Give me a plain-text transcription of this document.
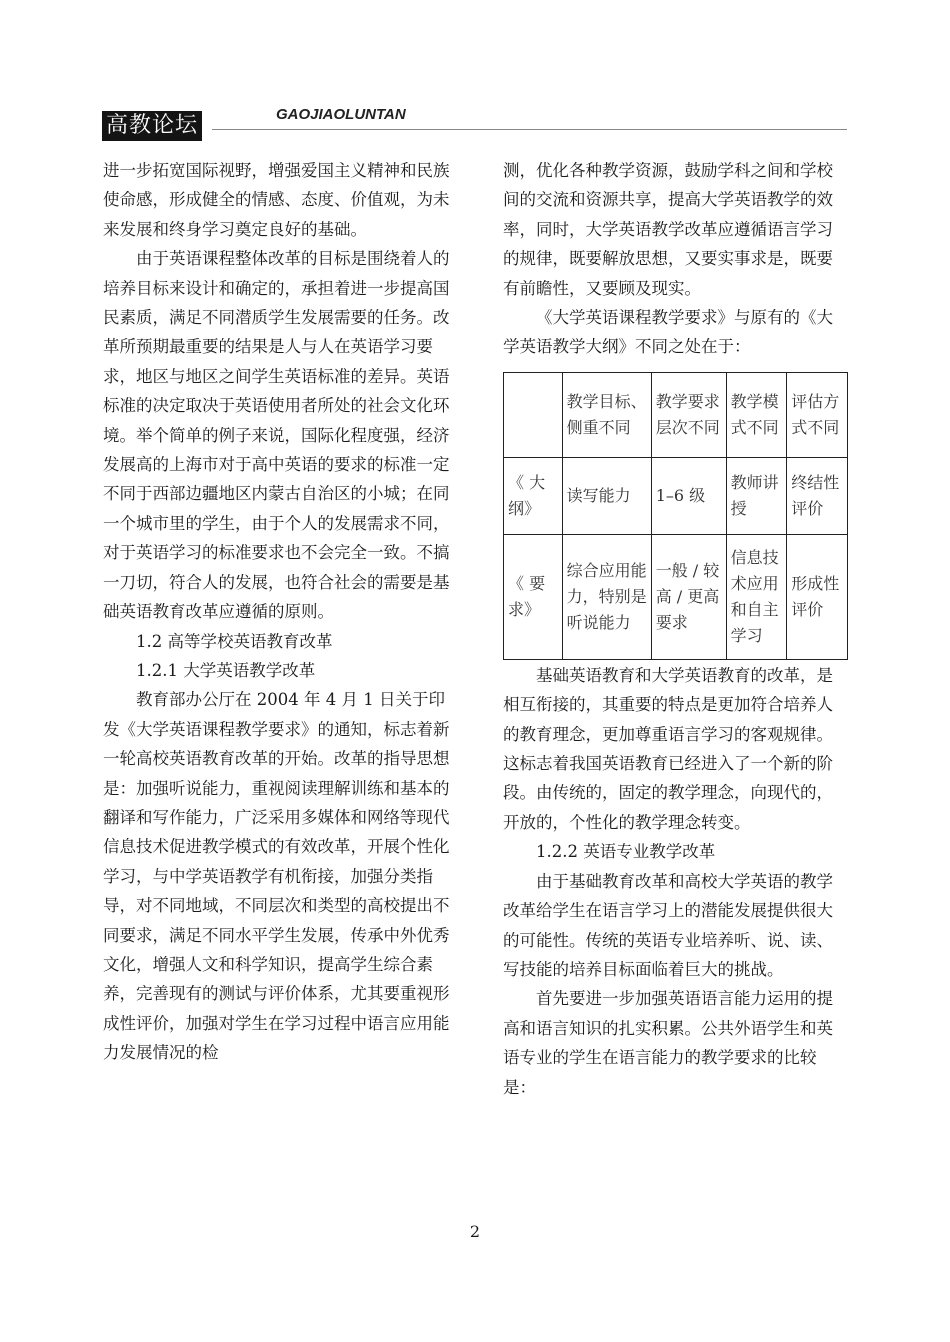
高教论坛	GAOJIAOLUNTAN

进一步拓宽国际视野，增强爱国主义精神和民族使命感，形成健全的情感、态度、价值观，为未来发展和终身学习奠定良好的基础。

由于英语课程整体改革的目标是围绕着人的培养目标来设计和确定的，承担着进一步提高国民素质，满足不同潜质学生发展需要的任务。改革所预期最重要的结果是人与人在英语学习要求，地区与地区之间学生英语标准的差异。英语标准的决定取决于英语使用者所处的社会文化环境。举个简单的例子来说，国际化程度强，经济发展高的上海市对于高中英语的要求的标准一定不同于西部边疆地区内蒙古自治区的小城；在同一个城市里的学生，由于个人的发展需求不同，对于英语学习的标准要求也不会完全一致。不搞一刀切，符合人的发展，也符合社会的需要是基础英语教育改革应遵循的原则。

1.2 高等学校英语教育改革

1.2.1 大学英语教学改革

教育部办公厅在 2004 年 4 月 1 日关于印发《大学英语课程教学要求》的通知，标志着新一轮高校英语教育改革的开始。改革的指导思想是：加强听说能力，重视阅读理解训练和基本的翻译和写作能力，广泛采用多媒体和网络等现代信息技术促进教学模式的有效改革，开展个性化学习，与中学英语教学有机衔接，加强分类指导，对不同地域，不同层次和类型的高校提出不同要求，满足不同水平学生发展，传承中外优秀文化，增强人文和科学知识，提高学生综合素养，完善现有的测试与评价体系，尤其要重视形成性评价，加强对学生在学习过程中语言应用能力发展情况的检

测，优化各种教学资源，鼓励学科之间和学校间的交流和资源共享，提高大学英语教学的效率，同时，大学英语教学改革应遵循语言学习的规律，既要解放思想，又要实事求是，既要有前瞻性，又要顾及现实。

《大学英语课程教学要求》与原有的《大学英语教学大纲》不同之处在于：

	教学目标、侧重不同	教学要求层次不同	教学模式不同	评估方式不同
《 大纲》	读写能力	1–6 级	教师讲授	终结性评价
《 要求》	综合应用能力，特别是听说能力	一般 / 较高 / 更高要求	信息技术应用和自主学习	形成性评价

基础英语教育和大学英语教育的改革，是相互衔接的，其重要的特点是更加符合培养人的教育理念，更加尊重语言学习的客观规律。这标志着我国英语教育已经进入了一个新的阶段。由传统的，固定的教学理念，向现代的，开放的，个性化的教学理念转变。

1.2.2 英语专业教学改革

由于基础教育改革和高校大学英语的教学改革给学生在语言学习上的潜能发展提供很大的可能性。传统的英语专业培养听、说、读、写技能的培养目标面临着巨大的挑战。

首先要进一步加强英语语言能力运用的提高和语言知识的扎实积累。公共外语学生和英语专业的学生在语言能力的教学要求的比较是：

2
